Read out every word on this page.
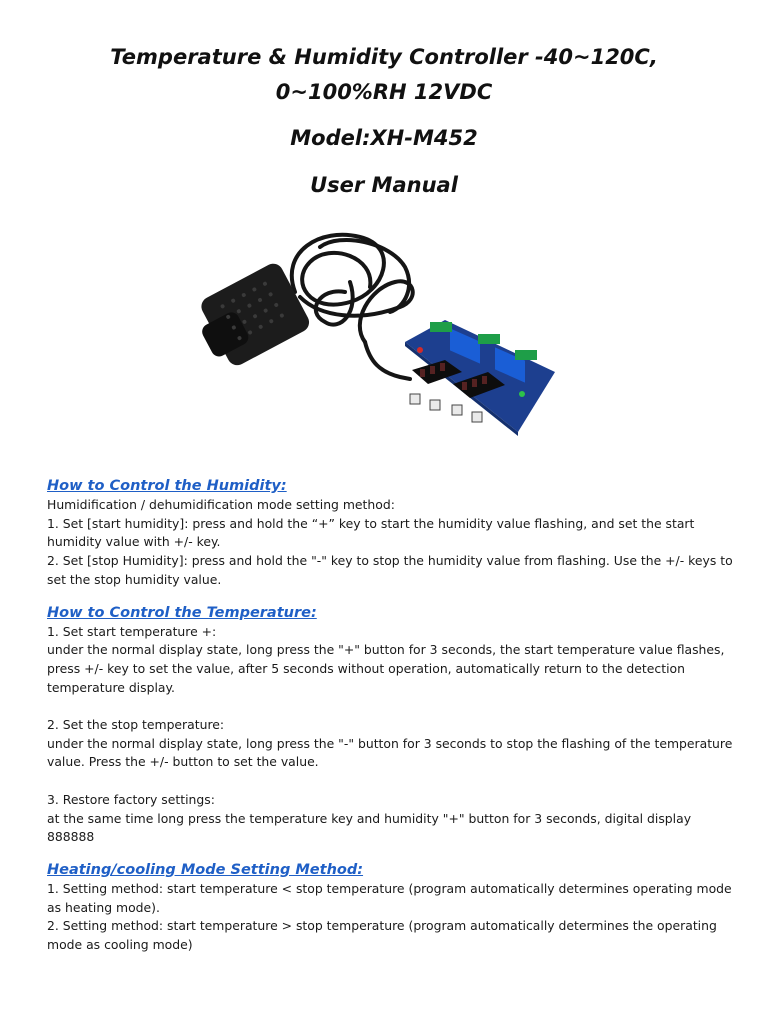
Temperature & Humidity Controller -40~120C,
0~100%RH 12VDC
Model:XH-M452
User Manual
How to Control the Humidity:

Humidification / dehumidification mode setting method:

1. Set [start humidity]: press and hold the “+” key to start the humidity value flashing, and set the start humidity value with +/- key.

2. Set [stop Humidity]: press and hold the "-" key to stop the humidity value from flashing. Use the +/- keys to set the stop humidity value.

How to Control the Temperature:

1. Set start temperature +:

under the normal display state, long press the "+" button for 3 seconds, the start temperature value flashes, press +/- key to set the value, after 5 seconds without operation, automatically return to the detection temperature display.

2. Set the stop temperature:

under the normal display state, long press the "-" button for 3 seconds to stop the flashing of the temperature value. Press the +/- button to set the value.

3. Restore factory settings:

at the same time long press the temperature key and humidity "+" button for 3 seconds, digital display 888888

Heating/cooling Mode Setting Method:

1. Setting method: start temperature < stop temperature (program automatically determines operating mode as heating mode).

2. Setting method: start temperature > stop temperature (program automatically determines the operating mode as cooling mode)
